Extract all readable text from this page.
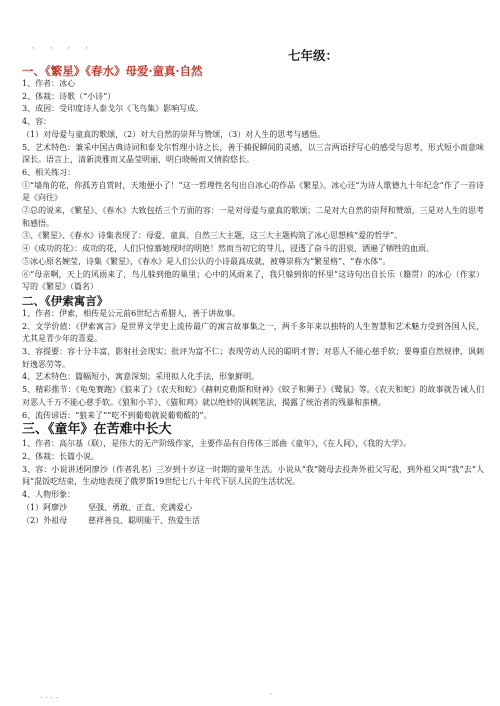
· · · ·	七年级：
一、《繁星》《春水》母爱·童真·自然
1、作者：冰心
2、体裁：诗歌（“小诗”）
3、成因：受印度诗人泰戈尔《飞鸟集》影响写成。
4、容：
（1）对母爱与童真的歌颂，（2）对大自然的崇拜与赞颂，（3）对人生的思考与感悟。
5、艺术特色：兼采中国古典诗词和泰戈尔哲理小诗之长，善于捕捉瞬间的灵感，以三言两语抒写心的感受与思考，形式短小而意味深长。语言上，清新淡雅而又晶莹明丽，明白晓畅而又情韵悠长。
6、相关练习：
①“墙角的花，你孤芳自赏时，天地便小了！”这一哲理性名句出自冰心的作品《繁星》。冰心还“为诗人歌德九十年纪念”作了一首诗是《向往》
②总的说来，《繁星》、《春水》大致包括三个方面的容：一是对母爱与童真的歌颂；二是对大自然的崇拜和赞颂，三是对人生的思考和感悟。
③、《繁星》、《春水》诗集表现了：母爱、童真、自然三大主题，这三大主题构筑了冰心思想核“爱的哲学”。
④《成功的花》：成功的花，人们只惊慕她现时的明艳！然而当初它的芽儿，浸透了奋斗的泪泉，洒遍了牺牲的血雨。
⑤冰心原名婉莹，诗集《繁星》，《春水》是人们公认的小诗最高成就，被尊崇称为“繁星格”、“春水体”。
⑥“母亲啊，天上的风雨来了，鸟儿躲到他的巢里；心中的风雨来了，我只躲到你的怀里”这诗句出自长乐（籍贯）的冰心（作家）写的《繁星》（篇名）
二、《伊索寓言》
1、作者：伊索，相传是公元前6世纪古希腊人，善于讲故事。
2、文学价值：《伊索寓言》是世界文学史上流传最广的寓言故事集之一，两千多年来以独特的人生智慧和艺术魅力受到各国人民，尤其是青少年的喜爱。
3、容提要：容十分丰富，影射社会现实；批评为富不仁；表现劳动人民的聪明才智；对恶人不能心慈手软；要尊重自然规律，讽刺好逸恶劳等。
4、艺术特色：篇幅短小，寓意深刻；采用拟人化手法，形象鲜明。
5、精彩推节：《龟兔赛跑》《狼来了》《农夫和蛇》《赫剌克勒斯和财神》《蚊子和狮子》《鹭鼠》等。《农夫和蛇》的故事就告诫人们对恶人千万不能心慈手软。《狼和小羊》、《猫和鸡》就以绝妙的讽刺笔法，揭露了统治者的残暴和蛮横。
6、流传谚语：“狼来了”“吃不到葡萄就说葡萄酸的”。
三、《童年》在苦难中长大
1、作者：高尔基（联），是伟大的无产阶级作家，主要作品有自传体三部曲《童年》，《在人间》，《我的大学》。
2、体裁：长篇小说。
3、容：小说讲述阿廖沙（作者乳名）三岁到十岁这一时期的童年生活。小说从“我”随母去投奔外祖父写起，到外祖父叫“我”去“人间”混饭吃结束，生动地表现了俄罗斯19世纪七八十年代下层人民的生活状况。
4、人物形象：
（1）阿廖沙	坚强、勇敢、正直、充满爱心
（2）外祖母	慈祥善良、聪明能干、热爱生活
····	·
